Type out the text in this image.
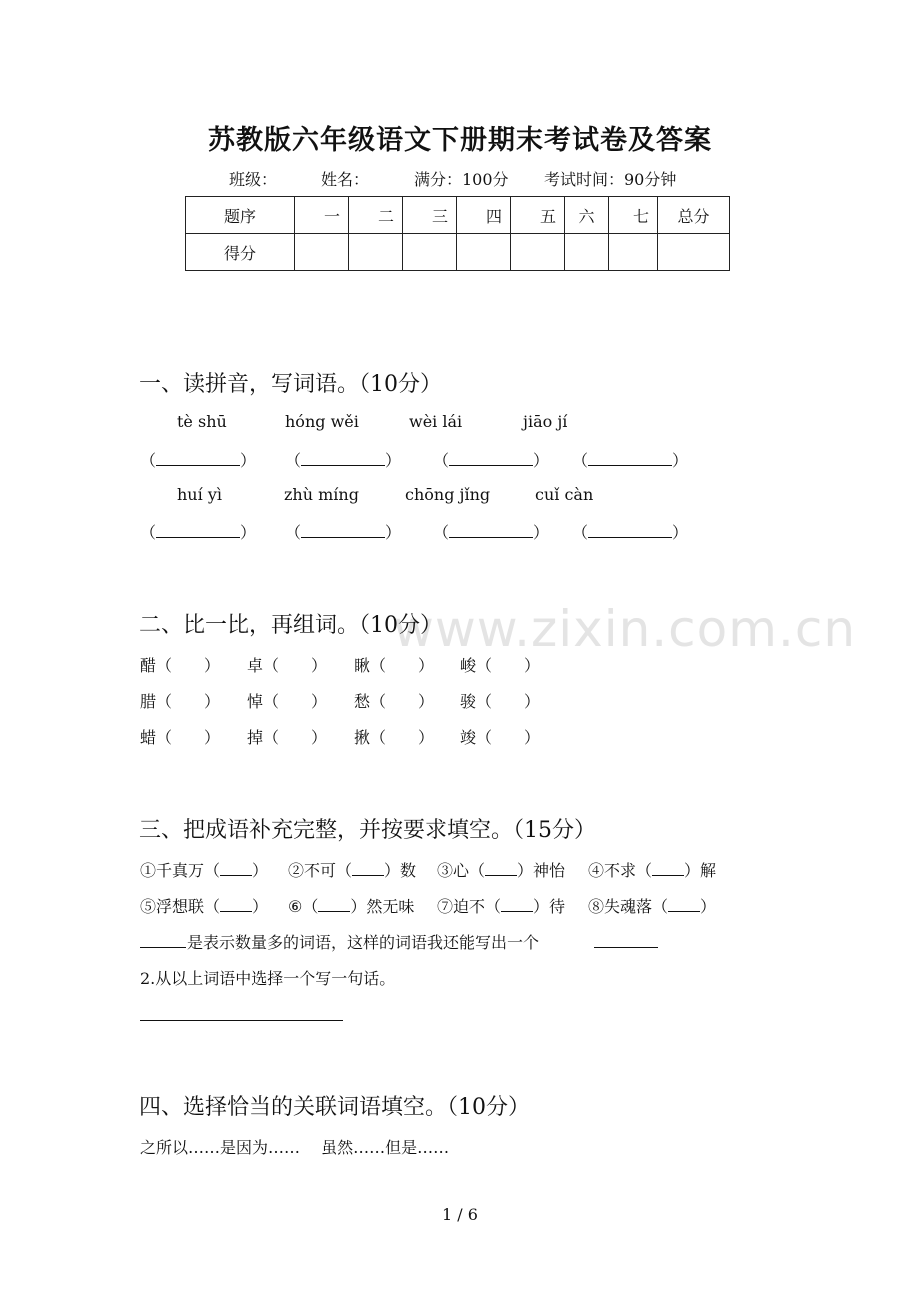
www.zixin.com.cn
苏教版六年级语文下册期末考试卷及答案
班级：	姓名：	满分：100分 考试时间：90分钟
题序	一	二	三	四	五	六	七	总分
得分								
一、读拼音，写词语。（10分）
tè shū	hóng wěi	wèi lái	jiāo jí
（	） （	） （	） （	）
huí yì	zhù míng	chōng jǐng	cuǐ càn
（	） （	） （	） （	）
二、比一比，再组词。（10分）
醋（　　） 卓（　　） 瞅（　　） 峻（　　）
腊（　　） 悼（　　） 愁（　　） 骏（　　）
蜡（　　） 掉（　　） 揪（　　） 竣（　　）
三、把成语补充完整，并按要求填空。（15分）
①千真万（ ） ②不可（ ）数 ③心（ ）神怡 ④不求（ ）解
⑤浮想联（ ） ⑥（ ）然无味 ⑦迫不（ ）待 ⑧失魂落（ ）
是表示数量多的词语，这样的词语我还能写出一个
2.从以上词语中选择一个写一句话。
四、选择恰当的关联词语填空。（10分）
之所以……是因为……　 虽然……但是……
1 / 6
